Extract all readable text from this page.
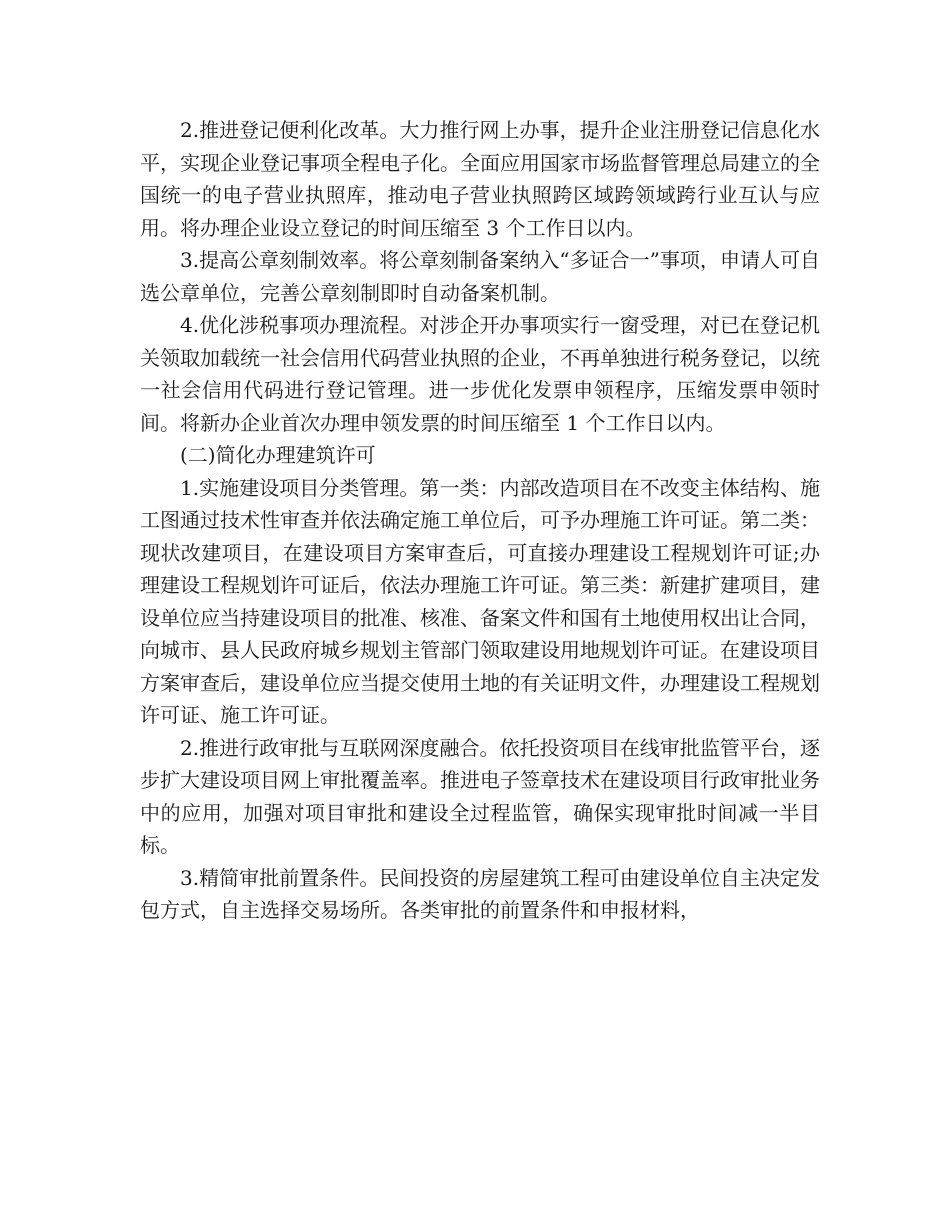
2.推进登记便利化改革。大力推行网上办事，提升企业注册登记信息化水平，实现企业登记事项全程电子化。全面应用国家市场监督管理总局建立的全国统一的电子营业执照库，推动电子营业执照跨区域跨领域跨行业互认与应用。将办理企业设立登记的时间压缩至 3 个工作日以内。

3.提高公章刻制效率。将公章刻制备案纳入“多证合一”事项，申请人可自选公章单位，完善公章刻制即时自动备案机制。

4.优化涉税事项办理流程。对涉企开办事项实行一窗受理，对已在登记机关领取加载统一社会信用代码营业执照的企业，不再单独进行税务登记，以统一社会信用代码进行登记管理。进一步优化发票申领程序，压缩发票申领时间。将新办企业首次办理申领发票的时间压缩至 1 个工作日以内。

(二)简化办理建筑许可

1.实施建设项目分类管理。第一类：内部改造项目在不改变主体结构、施工图通过技术性审查并依法确定施工单位后，可予办理施工许可证。第二类：现状改建项目，在建设项目方案审查后，可直接办理建设工程规划许可证;办理建设工程规划许可证后，依法办理施工许可证。第三类：新建扩建项目，建设单位应当持建设项目的批准、核准、备案文件和国有土地使用权出让合同，向城市、县人民政府城乡规划主管部门领取建设用地规划许可证。在建设项目方案审查后，建设单位应当提交使用土地的有关证明文件，办理建设工程规划许可证、施工许可证。

2.推进行政审批与互联网深度融合。依托投资项目在线审批监管平台，逐步扩大建设项目网上审批覆盖率。推进电子签章技术在建设项目行政审批业务中的应用，加强对项目审批和建设全过程监管，确保实现审批时间减一半目标。

3.精简审批前置条件。民间投资的房屋建筑工程可由建设单位自主决定发包方式，自主选择交易场所。各类审批的前置条件和申报材料，
